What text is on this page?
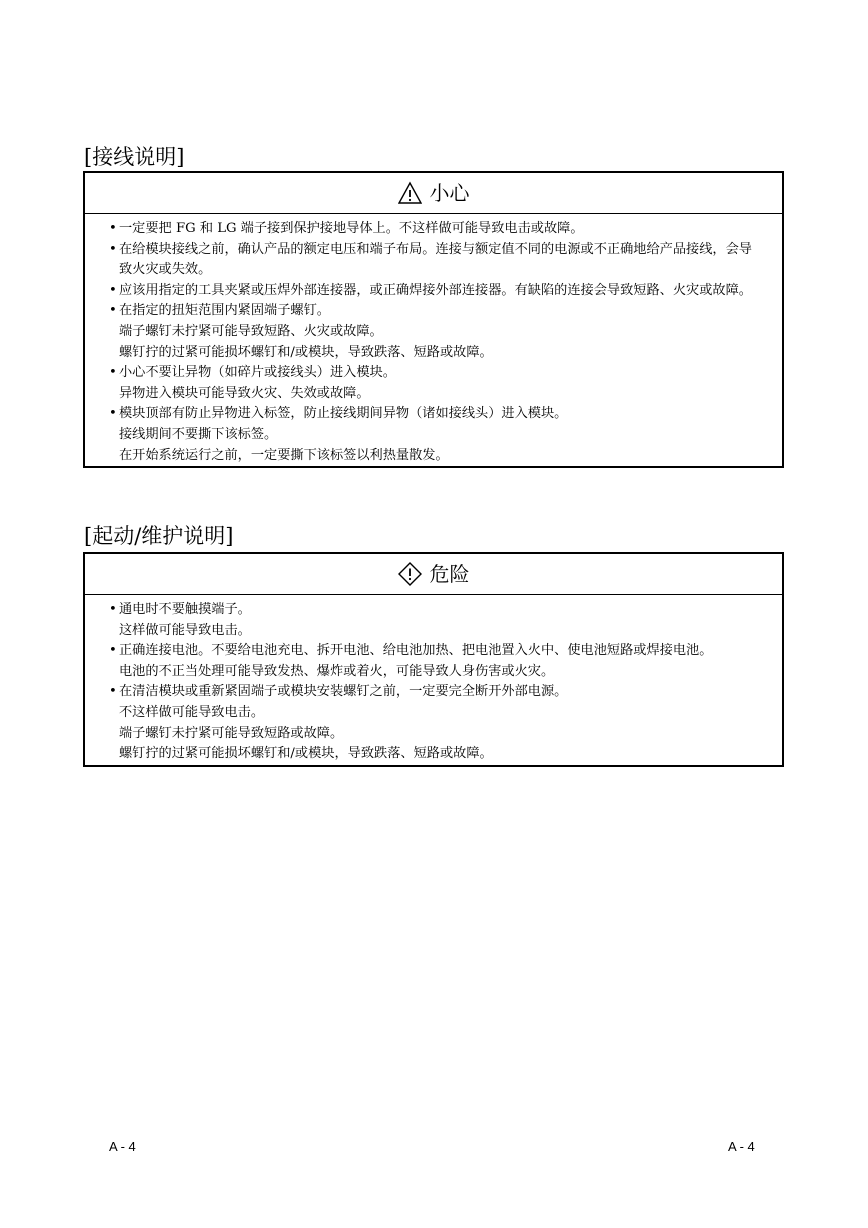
[接线说明]
小心
• 一定要把 FG 和 LG 端子接到保护接地导体上。不这样做可能导致电击或故障。

• 在给模块接线之前，确认产品的额定电压和端子布局。连接与额定值不同的电源或不正确地给产品接线，会导致火灾或失效。

• 应该用指定的工具夹紧或压焊外部连接器，或正确焊接外部连接器。有缺陷的连接会导致短路、火灾或故障。

• 在指定的扭矩范围内紧固端子螺钉。

端子螺钉未拧紧可能导致短路、火灾或故障。

螺钉拧的过紧可能损坏螺钉和/或模块，导致跌落、短路或故障。

• 小心不要让异物（如碎片或接线头）进入模块。

异物进入模块可能导致火灾、失效或故障。

• 模块顶部有防止异物进入标签，防止接线期间异物（诸如接线头）进入模块。

接线期间不要撕下该标签。

在开始系统运行之前，一定要撕下该标签以利热量散发。

[起动/维护说明]
危险
• 通电时不要触摸端子。

这样做可能导致电击。

• 正确连接电池。不要给电池充电、拆开电池、给电池加热、把电池置入火中、使电池短路或焊接电池。

电池的不正当处理可能导致发热、爆炸或着火，可能导致人身伤害或火灾。

• 在清洁模块或重新紧固端子或模块安装螺钉之前，一定要完全断开外部电源。

不这样做可能导致电击。

端子螺钉未拧紧可能导致短路或故障。

螺钉拧的过紧可能损坏螺钉和/或模块，导致跌落、短路或故障。

A - 4	A - 4
